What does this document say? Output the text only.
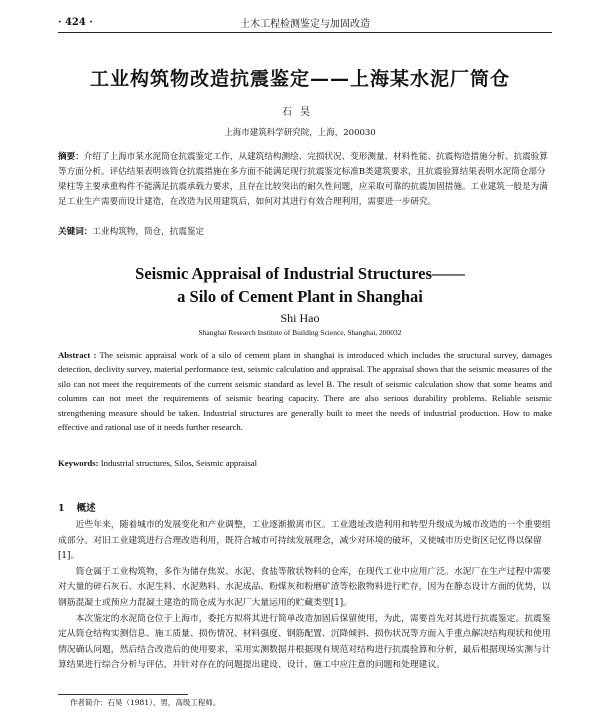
· 424 ·	土木工程检测鉴定与加固改造
工业构筑物改造抗震鉴定——上海某水泥厂筒仓
石昊
上海市建筑科学研究院，上海，200030
摘要：介绍了上海市某水泥筒仓抗震鉴定工作，从建筑结构测绘、完损状况、变形测量、材料性能、抗震构造措施分析、抗震验算等方面分析。评估结果表明该筒仓抗震措施在多方面不能满足现行抗震鉴定标准B类建筑要求，且抗震验算结果表明水泥筒仓部分梁柱等主要承重构件不能满足抗震承载力要求，且存在比较突出的耐久性问题，应采取可靠的抗震加固措施。工业建筑一般是为满足工业生产需要而设计建造，在改造为民用建筑后，如何对其进行有效合理利用，需要进一步研究。
关键词：工业构筑物，筒仓，抗震鉴定
Seismic Appraisal of Industrial Structures——
a Silo of Cement Plant in Shanghai
Shi Hao
Shanghai Research Institute of Building Science, Shanghai, 200032
Abstract : The seismic appraisal work of a silo of cement plant in shanghai is introduced which includes the structural survey, damages detection, declivity survey, material performance test, seismic calculation and appraisal. The appraisal shows that the seismic measures of the silo can not meet the requirements of the current seismic standard as level B. The result of seismic calculation show that some beams and columns can not meet the requirements of seismic bearing capacity. There are also serious durability problems. Reliable seismic strengthening measure should be taken. Industrial structures are generally built to meet the needs of industrial production. How to make effective and rational use of it needs further research.
Keywords: Industrial structures, Silos, Seismic appraisal
1 概述

近些年来，随着城市的发展变化和产业调整，工业逐渐撤离市区。工业遗址改造利用和转型升级成为城市改造的一个重要组成部分。对旧工业建筑进行合理改造利用，既符合城市可持续发展理念，减少对环境的破坏，又使城市历史街区记忆得以保留[1]。

筒仓属于工业构筑物，多作为储存焦炭、水泥、食盐等散状物料的仓库，在现代工业中应用广泛。水泥厂在生产过程中需要对大量的碎石灰石、水泥生料、水泥熟料、水泥成品、粉煤灰和粉磨矿渣等松散物料进行贮存，因为在静态设计方面的优势，以钢筋混凝土或预应力混凝土建造的筒仓成为水泥厂大量运用的贮藏类型[1]。

本次鉴定的水泥筒仓位于上海市，委托方拟将其进行简单改造加固后保留使用，为此，需要首先对其进行抗震鉴定。抗震鉴定从筒仓结构实测信息、施工质量、损伤情况、材料强度、钢筋配置、沉降倾斜、损伤状况等方面入手重点解决结构现状和使用情况确认问题，然后结合改造后的使用要求，采用实测数据并根据现有规范对结构进行抗震验算和分析，最后根据现场实测与计算结果进行综合分析与评估，并针对存在的问题提出建设、设计、施工中应注意的问题和处理建议。

作者简介：石昊（1981），男，高级工程师。
